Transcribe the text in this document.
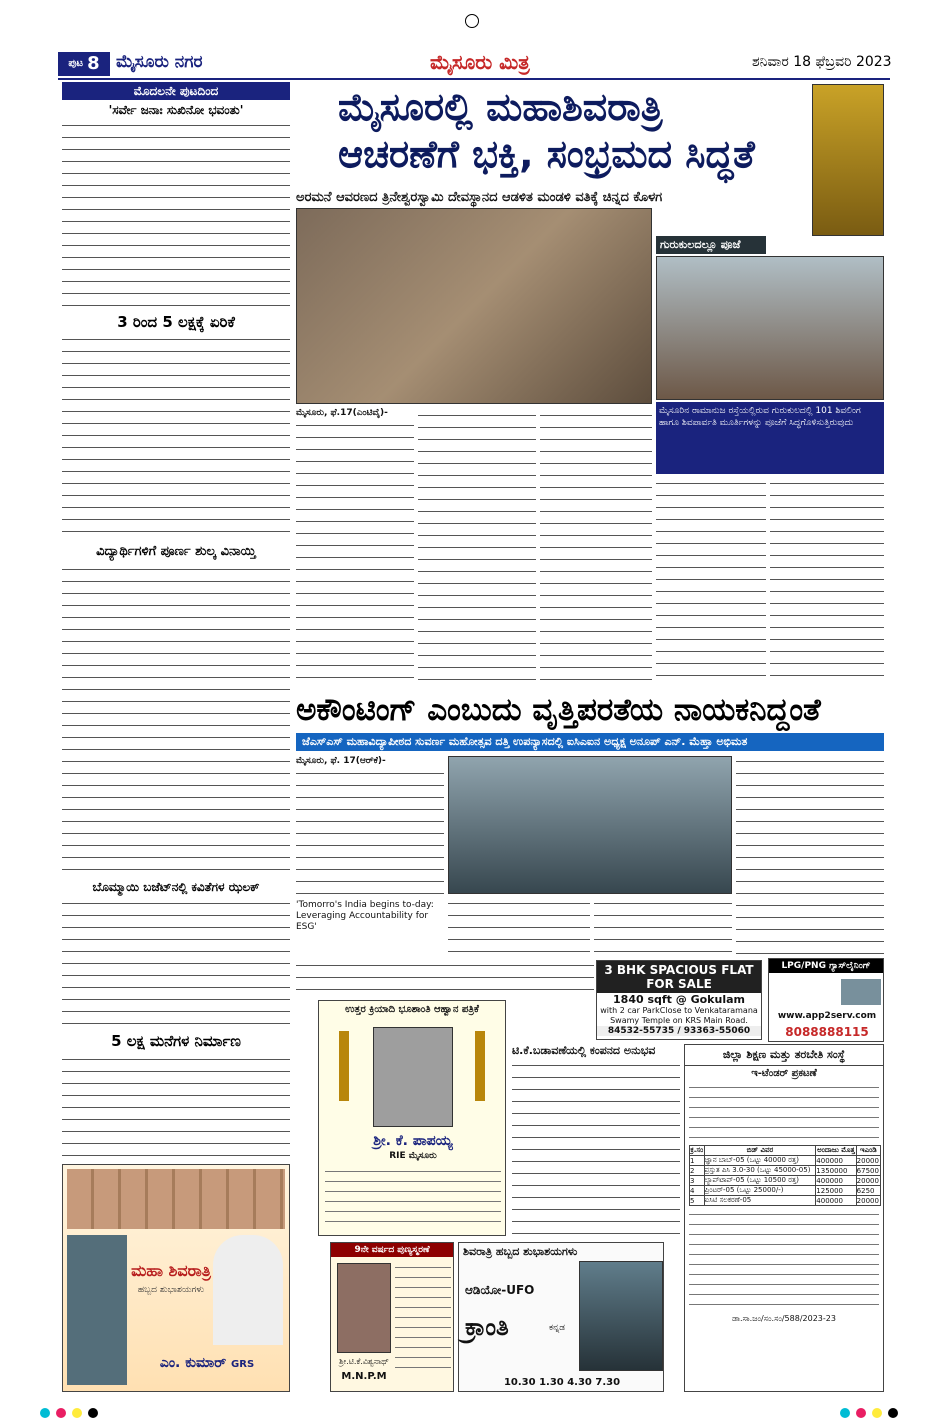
ಪುಟ 8 ಮೈಸೂರು ನಗರ	ಮೈಸೂರು ಮಿತ್ರ	ಶನಿವಾರ 18 ಫೆಬ್ರವರಿ 2023
ಮೊದಲನೇ ಪುಟದಿಂದ
'ಸರ್ವೇ ಜನಾಃ ಸುಖಿನೋ ಭವಂತು'
3 ರಿಂದ 5 ಲಕ್ಷಕ್ಕೆ ಏರಿಕೆ
ವಿದ್ಯಾರ್ಥಿಗಳಿಗೆ ಪೂರ್ಣ ಶುಲ್ಕ ವಿನಾಯ್ತಿ
ಬೊಮ್ಮಾಯಿ ಬಜೆಟ್‌ನಲ್ಲಿ ಕವಿತೆಗಳ ಝಲಕ್
5 ಲಕ್ಷ ಮನೆಗಳ ನಿರ್ಮಾಣ
ಮಹಾ ಶಿವರಾತ್ರಿ
ಹಬ್ಬದ ಶುಭಾಶಯಗಳು
ಎಂ. ಕುಮಾರ್ GRS
ಮೈಸೂರಲ್ಲಿ ಮಹಾಶಿವರಾತ್ರಿ
ಆಚರಣೆಗೆ ಭಕ್ತಿ, ಸಂಭ್ರಮದ ಸಿದ್ಧತೆ
ಅರಮನೆ ಆವರಣದ ತ್ರಿನೇಶ್ವರಸ್ವಾಮಿ ದೇವಸ್ಥಾನದ ಆಡಳಿತ ಮಂಡಳಿ ವತಿಕ್ಕೆ ಚಿನ್ನದ ಕೊಳಗ
ಗುರುಕುಲದಲ್ಲೂ ಪೂಜೆ
ಮೈಸೂರಿನ ರಾಮಾನುಜ ರಸ್ತೆಯಲ್ಲಿರುವ ಗುರುಕುಲದಲ್ಲಿ 101 ಶಿವಲಿಂಗ ಹಾಗೂ ಶಿವಪಾರ್ವತಿ ಮೂರ್ತಿಗಳನ್ನು ಪೂಜೆಗೆ ಸಿದ್ಧಗೊಳಿಸುತ್ತಿರುವುದು
ಮೈಸೂರು, ಫೆ.17(ಎಂಟಿವೈ)-
ಅಕೌಂಟಿಂಗ್ ಎಂಬುದು ವೃತ್ತಿಪರತೆಯ ನಾಯಕನಿದ್ದಂತೆ
ಜೆಎಸ್‌ಎಸ್ ಮಹಾವಿದ್ಯಾಪೀಠದ ಸುವರ್ಣ ಮಹೋತ್ಸವ ದತ್ತಿ ಉಪನ್ಯಾಸದಲ್ಲಿ ಐಸಿಎಐನ ಅಧ್ಯಕ್ಷ ಅನೂಪ್ ಎನ್. ಮೆಹ್ತಾ ಅಭಿಮತ
ಮೈಸೂರು, ಫೆ. 17(ಆರ್‌ಕೆ)-
'Tomorro's India begins to-day: Leveraging Accountability for ESG'
3 BHK SPACIOUS FLAT FOR SALE
1840 sqft @ Gokulam
with 2 car ParkClose to Venkataramana Swamy Temple on KRS Main Road.
84532-55735 / 93363-55060
LPG/PNG ಗ್ಯಾಸ್‌ಲೈನಿಂಗ್
www.app2serv.com
8088888115
ಉತ್ತರ ಕ್ರಿಯಾದಿ ಭೂಶಾಂತಿ ಆಹ್ವಾನ ಪತ್ರಿಕೆ
ಶ್ರೀ. ಕೆ. ಪಾಪಯ್ಯ
RIE ಮೈಸೂರು
9ನೇ ವರ್ಷದ ಪುಣ್ಯಸ್ಮರಣೆ
ಶ್ರೀ.ಟಿ.ಕೆ.ವಿಶ್ವನಾಥ್
M.N.P.M
ಶಿವರಾತ್ರಿ ಹಬ್ಬದ ಶುಭಾಶಯಗಳು
ಆಡಿಯೋ-UFO
ಕ್ರಾಂತಿ	ಕನ್ನಡ
10.30 1.30 4.30 7.30
ಟಿ.ಕೆ.ಬಡಾವಣೆಯಲ್ಲಿ ಕಂಪನದ ಅನುಭವ	ಜಿಲ್ಲಾ ಶಿಕ್ಷಣ ಮತ್ತು ತರಬೇತಿ ಸಂಸ್ಥೆ
ಇ-ಟೆಂಡರ್ ಪ್ರಕಟಣೆ
ಕ್ರ.ಸಂ	ಬಿಡ್ ವಿವರ	ಅಂದಾಜು ಮೊತ್ತ	ಇಎಂಡಿ
1	ಜ್ಞಾನ ಬಾಬ್-05 (ಒಟ್ಟು 40000 ರತ್ತ)	400000	20000
2	ಪ್ರಸ್ತುತ ಪಿಸಿ 3.0-30 (ಒಟ್ಟು 45000-05)	1350000	67500
3	ಲ್ಯಾಪ್‌ಟಾಪ್-05 (ಒಟ್ಟು 10500 ರತ್ತ)	400000	20000
4	ಪ್ರಿಂಟರ್-05 (ಒಟ್ಟು 25000/-)	125000	6250
5	ಐಸಿಟಿ ಸಲಕರಣೆ-05	400000	20000
ಡಾ.ಸಾ.ಜಂ/ಸಂ.ಸಂ/588/2023-23
